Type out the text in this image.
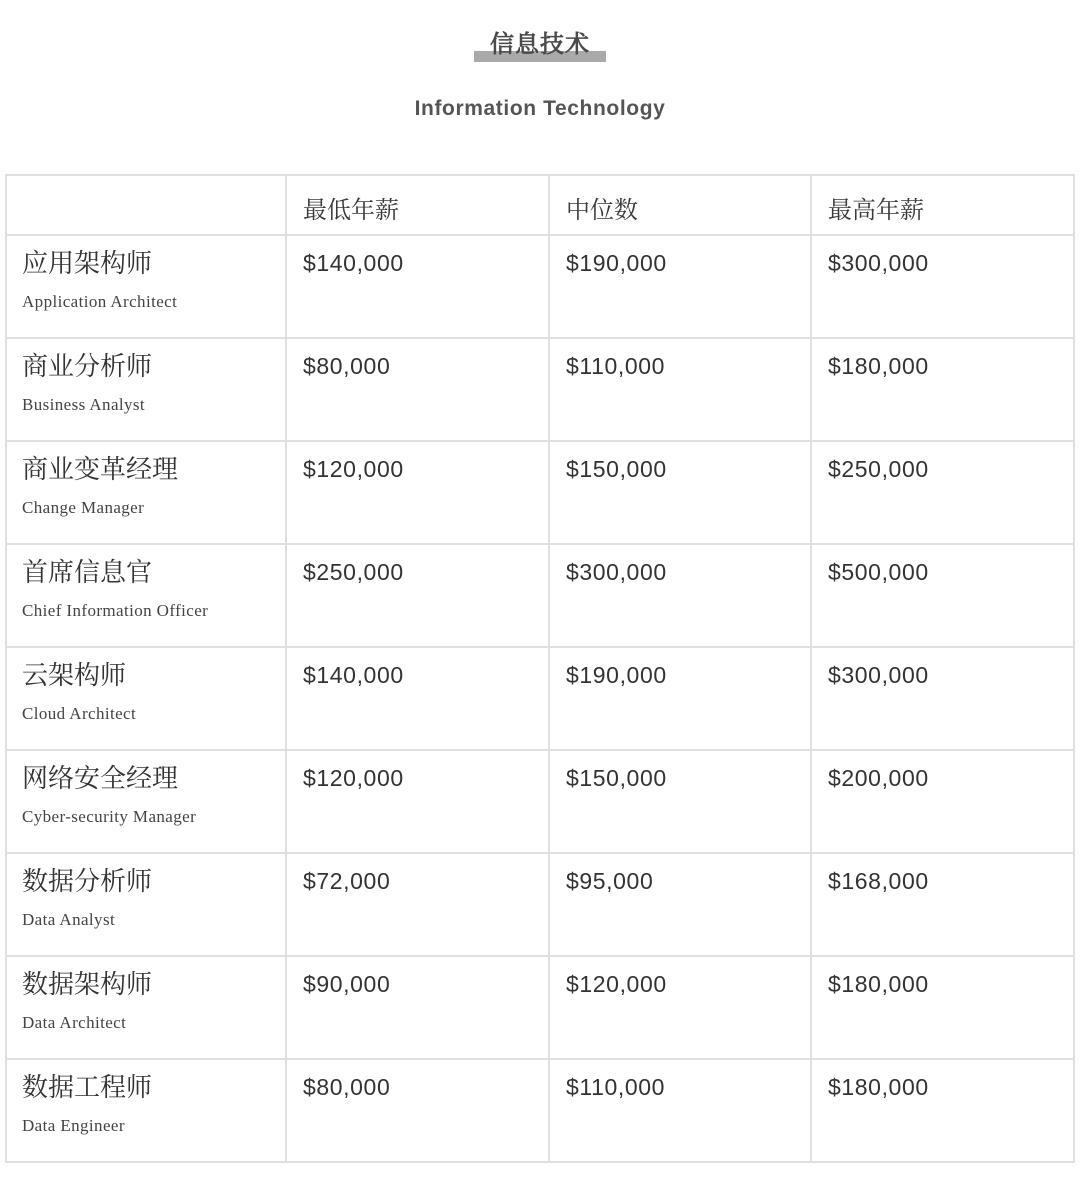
信息技术
Information Technology

	最低年薪	中位数	最高年薪

应用架构师
Application Architect	$140,000	$190,000	$300,000

商业分析师
Business Analyst	$80,000	$110,000	$180,000

商业变革经理
Change Manager	$120,000	$150,000	$250,000

首席信息官
Chief Information Officer	$250,000	$300,000	$500,000

云架构师
Cloud Architect	$140,000	$190,000	$300,000

网络安全经理
Cyber-security Manager	$120,000	$150,000	$200,000

数据分析师
Data Analyst	$72,000	$95,000	$168,000

数据架构师
Data Architect	$90,000	$120,000	$180,000

数据工程师
Data Engineer	$80,000	$110,000	$180,000
